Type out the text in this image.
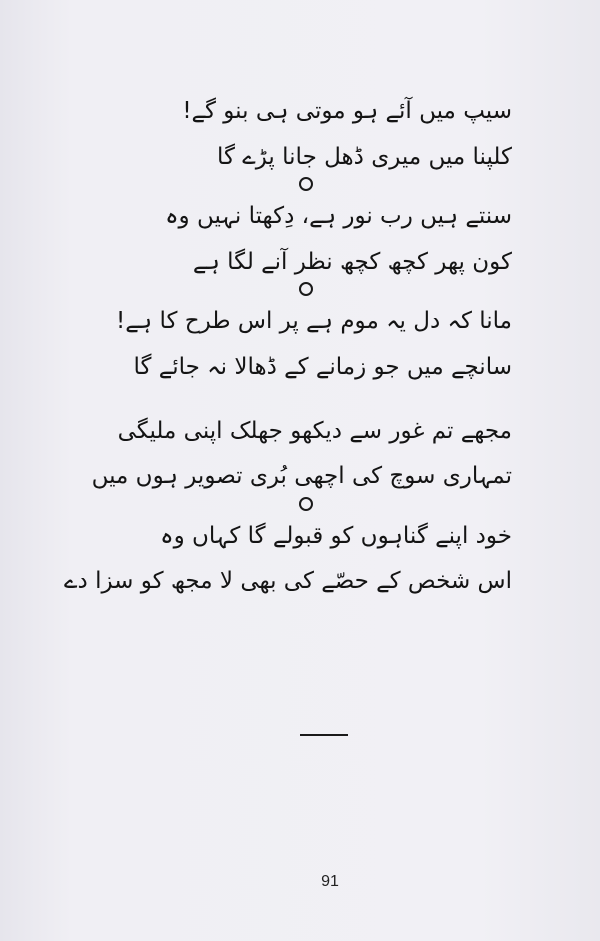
سیپ میں آئے ہو موتی ہی بنو گے!

کلپنا میں میری ڈھل جانا پڑے گا

سنتے ہیں رب نور ہے، دِکھتا نہیں وہ

کون پھر کچھ کچھ نظر آنے لگا ہے

مانا کہ دل یہ موم ہے پر اس طرح کا ہے!

سانچے میں جو زمانے کے ڈھالا نہ جائے گا

مجھے تم غور سے دیکھو جھلک اپنی ملیگی

تمہاری سوچ کی اچھی بُری تصویر ہوں میں

خود اپنے گناہوں کو قبولے گا کہاں وہ

اس شخص کے حصّے کی بھی لا مجھ کو سزا دے

91
